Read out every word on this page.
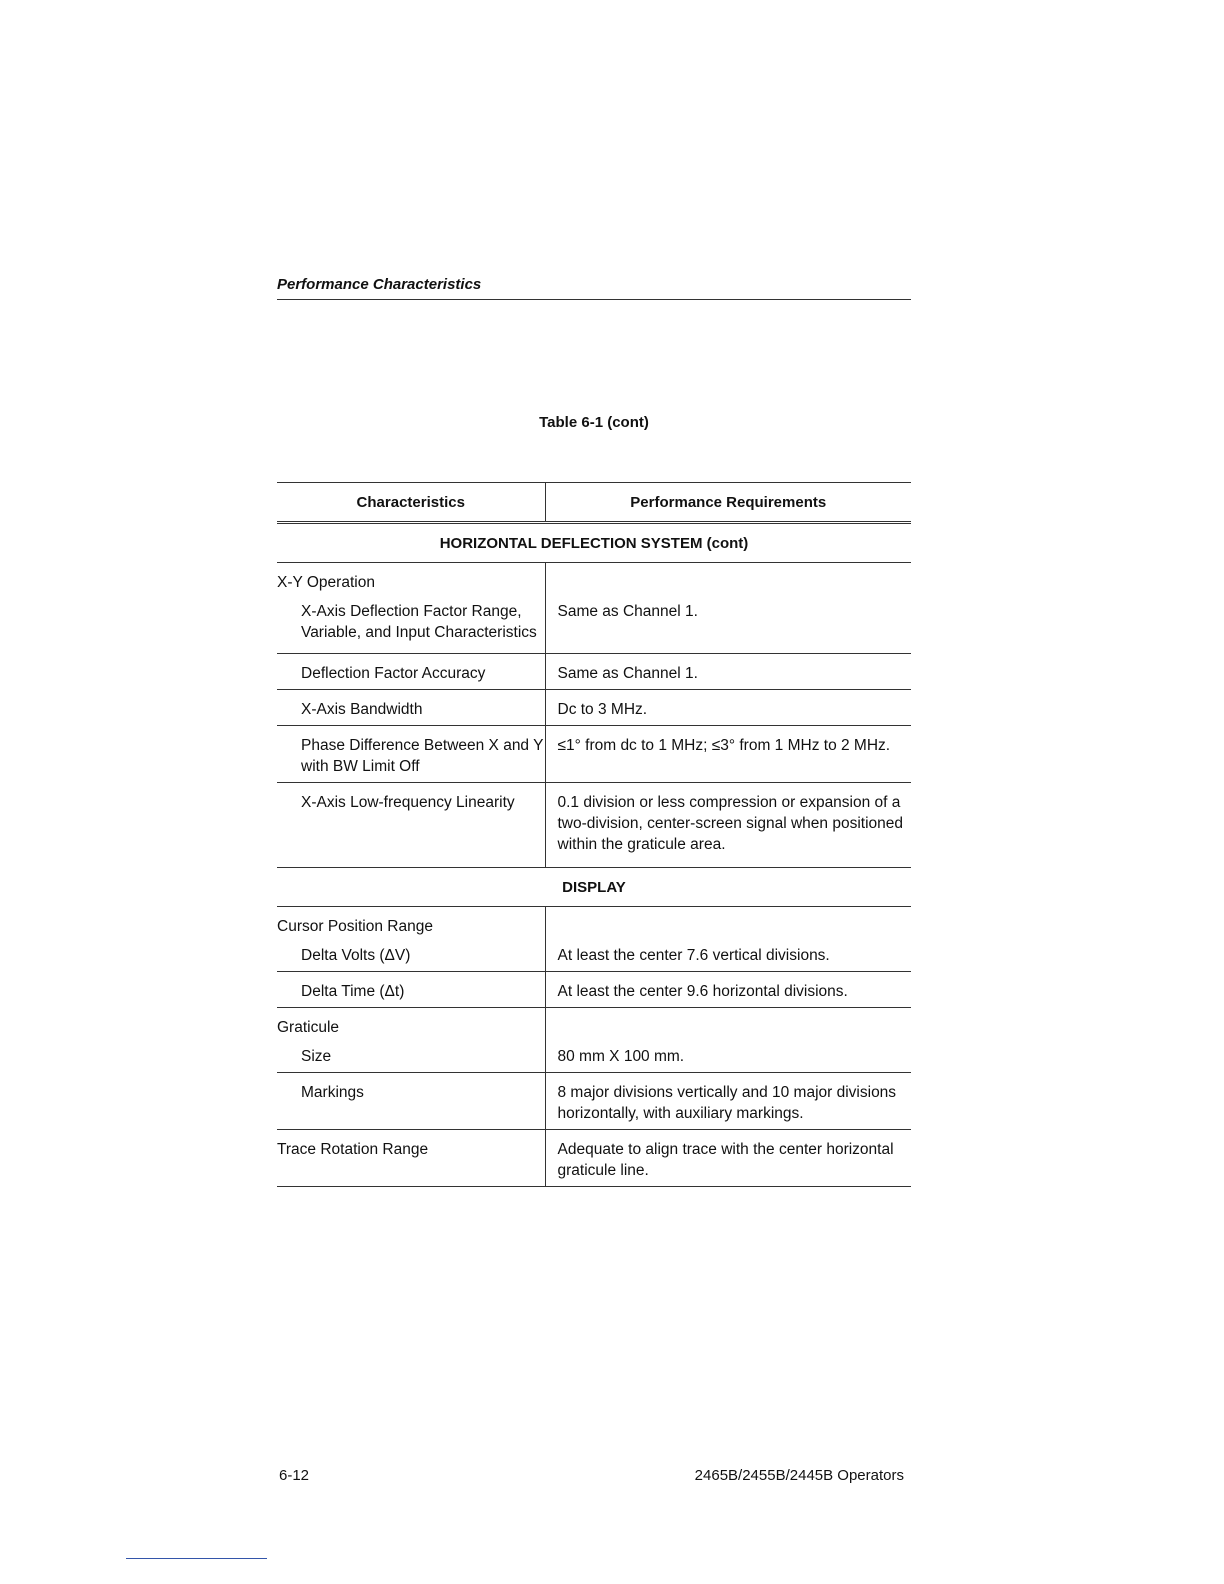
Performance Characteristics
Table 6-1 (cont)
Characteristics	Performance Requirements
HORIZONTAL DEFLECTION SYSTEM (cont)	
X-Y Operation	
X-Axis Deflection Factor Range, Variable, and Input Characteristics	Same as Channel 1.
Deflection Factor Accuracy	Same as Channel 1.
X-Axis Bandwidth	Dc to 3 MHz.
Phase Difference Between X and Y with BW Limit Off	≤1° from dc to 1 MHz; ≤3° from 1 MHz to 2 MHz.
X-Axis Low-frequency Linearity	0.1 division or less compression or expansion of a two-division, center-screen signal when positioned within the graticule area.
DISPLAY	
Cursor Position Range	
Delta Volts (ΔV)	At least the center 7.6 vertical divisions.
Delta Time (Δt)	At least the center 9.6 horizontal divisions.
Graticule	
Size	80 mm X 100 mm.
Markings	8 major divisions vertically and 10 major divisions horizontally, with auxiliary markings.
Trace Rotation Range	Adequate to align trace with the center horizontal graticule line.
6-12	2465B/2455B/2445B Operators
